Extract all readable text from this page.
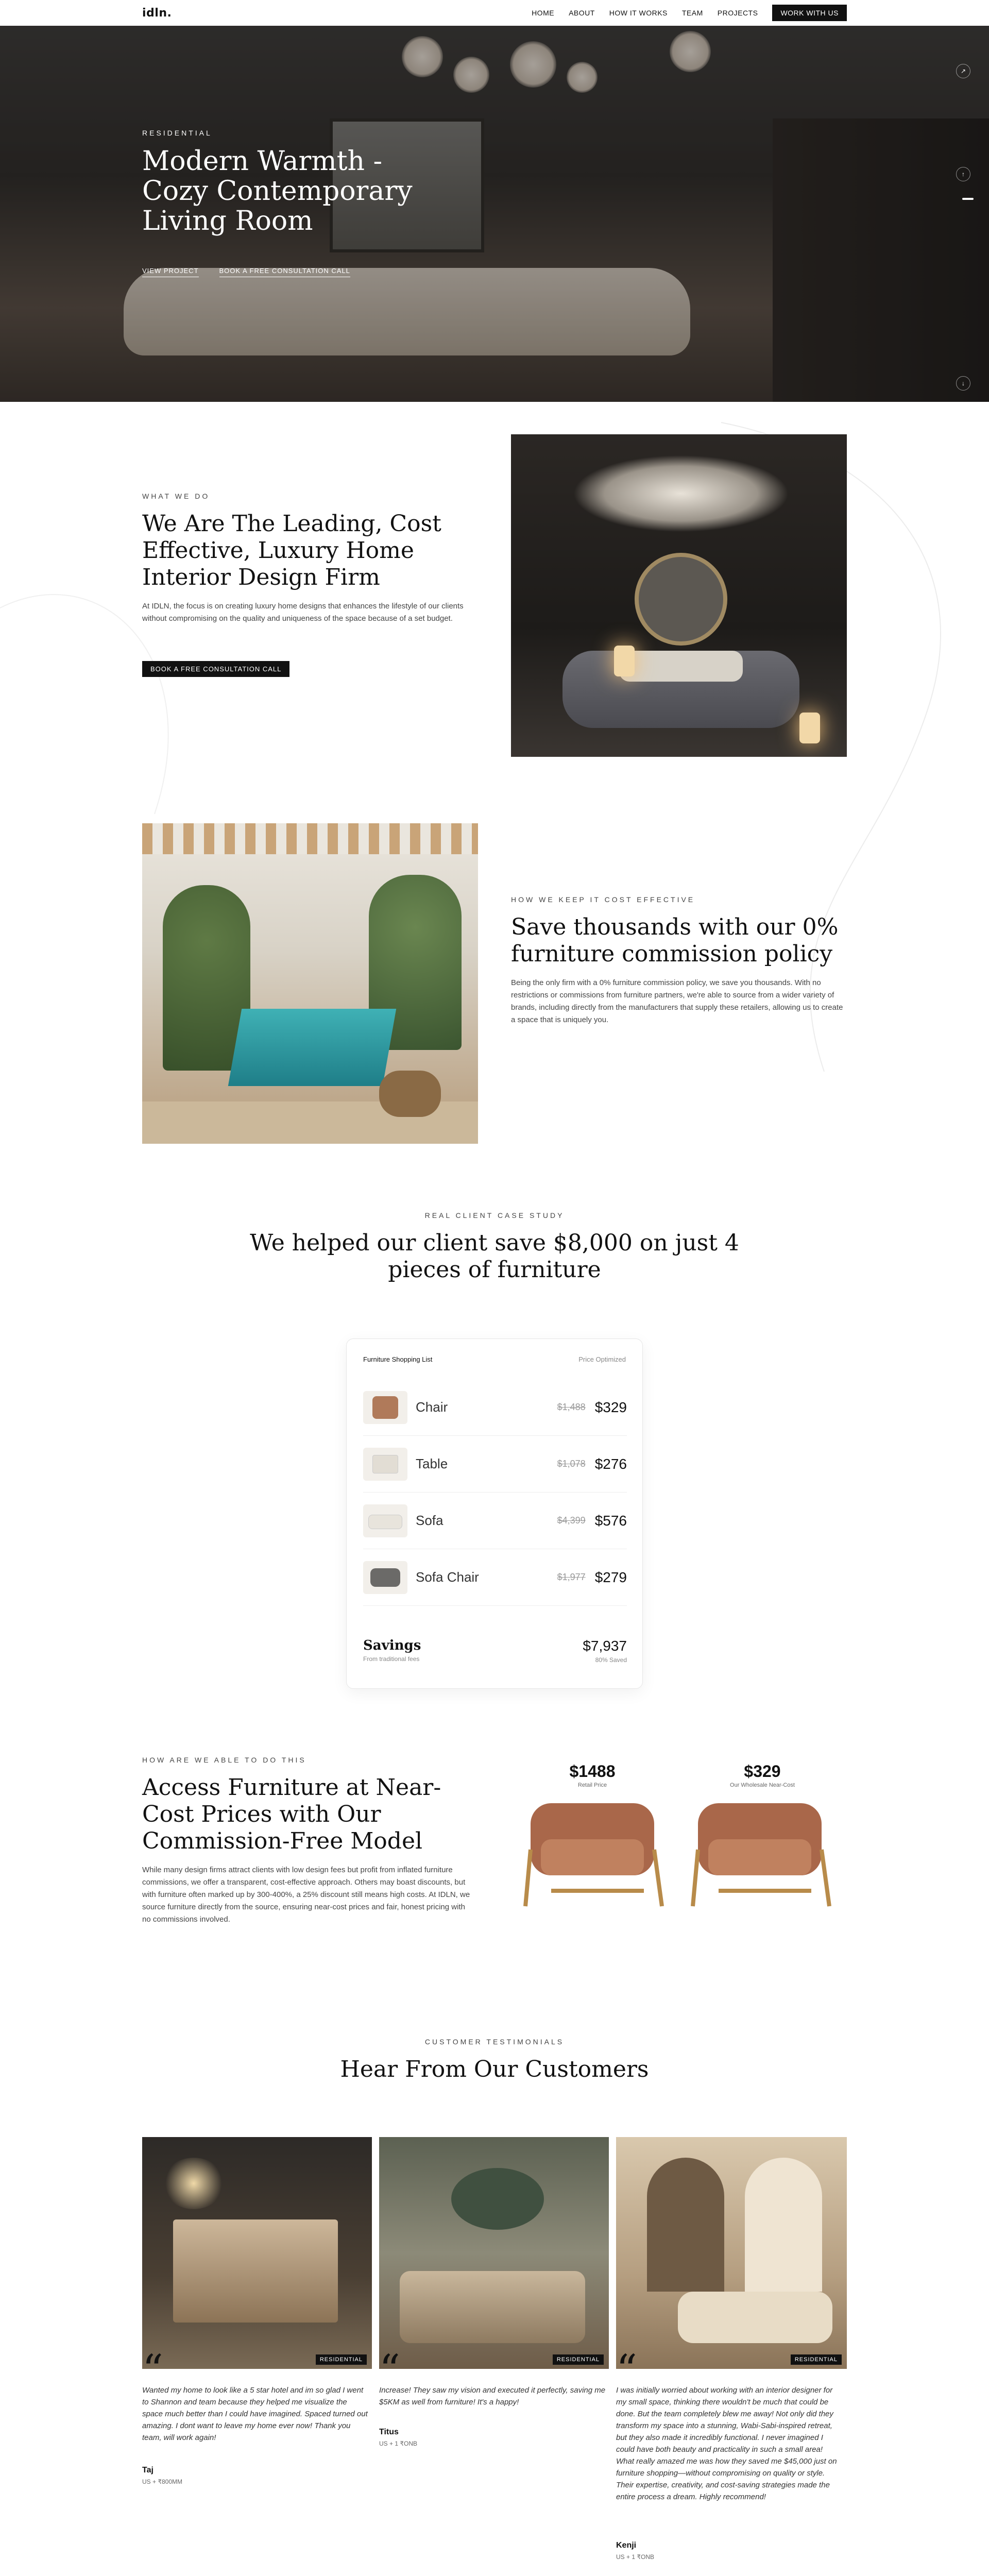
idln.	HOME ABOUT HOW IT WORKS TEAM PROJECTS	WORK WITH US
RESIDENTIAL
Modern Warmth - Cozy Contemporary Living Room
VIEW PROJECT	BOOK A FREE CONSULTATION CALL
↗
↑
↓
WHAT WE DO
We Are The Leading, Cost Effective, Luxury Home Interior Design Firm
At IDLN, the focus is on creating luxury home designs that enhances the lifestyle of our clients without compromising on the quality and uniqueness of the space because of a set budget.
BOOK A FREE CONSULTATION CALL
HOW WE KEEP IT COST EFFECTIVE
Save thousands with our 0% furniture commission policy
Being the only firm with a 0% furniture commission policy, we save you thousands. With no restrictions or commissions from furniture partners, we're able to source from a wider variety of brands, including directly from the manufacturers that supply these retailers, allowing us to create a space that is uniquely you.
REAL CLIENT CASE STUDY
We helped our client save $8,000 on just 4 pieces of furniture
Furniture Shopping List	Price Optimized
Chair	$1,488 $329
Table	$1,078 $276
Sofa	$4,399 $576
Sofa Chair	$1,977 $279
Savings
From traditional fees
$7,937
80% Saved
HOW ARE WE ABLE TO DO THIS
Access Furniture at Near-Cost Prices with Our Commission-Free Model
While many design firms attract clients with low design fees but profit from inflated furniture commissions, we offer a transparent, cost-effective approach. Others may boast discounts, but with furniture often marked up by 300-400%, a 25% discount still means high costs. At IDLN, we source furniture directly from the source, ensuring near-cost prices and fair, honest pricing with no commissions involved.
$1488
Retail Price
$329
Our Wholesale Near-Cost
CUSTOMER TESTIMONIALS
Hear From Our Customers
RESIDENTIAL	RESIDENTIAL	RESIDENTIAL
“	“	“
Wanted my home to look like a 5 star hotel and im so glad I went to Shannon and team because they helped me visualize the space much better than I could have imagined. Spaced turned out amazing. I dont want to leave my home ever now! Thank you team, will work again!
Taj
US + ₹800MM
Increase! They saw my vision and executed it perfectly, saving me $5KM as well from furniture! It's a happy!
Titus
US + 1 ₹ONB
I was initially worried about working with an interior designer for my small space, thinking there wouldn't be much that could be done. But the team completely blew me away! Not only did they transform my space into a stunning, Wabi-Sabi-inspired retreat, but they also made it incredibly functional. I never imagined I could have both beauty and practicality in such a small area! What really amazed me was how they saved me $45,000 just on furniture shopping—without compromising on quality or style. Their expertise, creativity, and cost-saving strategies made the entire process a dream. Highly recommend!
Kenji
US + 1 ₹ONB
